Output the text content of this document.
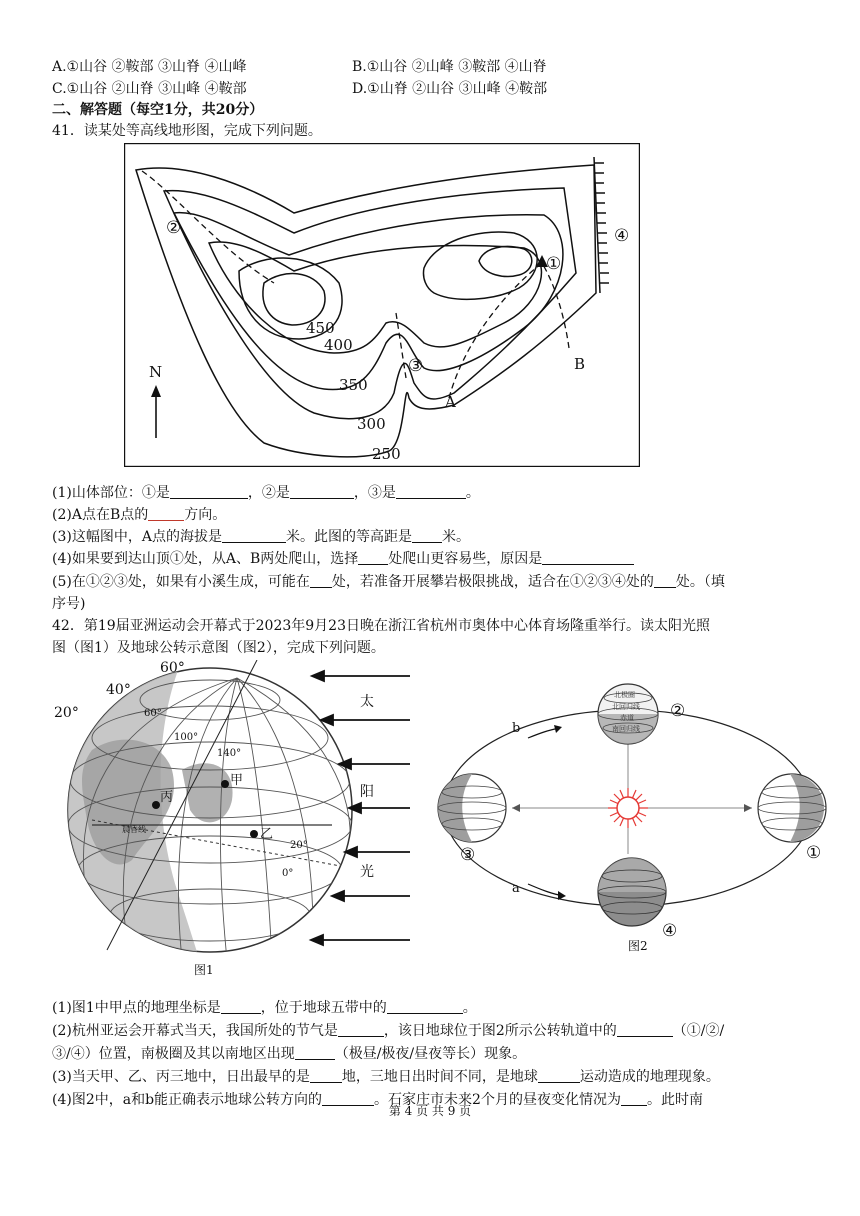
A.①山谷 ②鞍部 ③山脊 ④山峰	B.①山谷 ②山峰 ③鞍部 ④山脊
C.①山谷 ②山脊 ③山峰 ④鞍部	D.①山脊 ②山谷 ③山峰 ④鞍部
二、解答题（每空1分，共20分）
41．读某处等高线地形图，完成下列问题。
450
400
350
300
250
①
②
③
④
A
B
N
(1)山体部位：①是	，②是	，③是	。
(2)A点在B点的	方向。
(3)这幅图中，A点的海拔是	米。此图的等高距是 米。
(4)如果要到达山顶①处，从A、B两处爬山，选择 处爬山更容易些，原因是
(5)在①②③处，如果有小溪生成，可能在 处，若准备开展攀岩极限挑战，适合在①②③④处的 处。（填
序号)
42．第19届亚洲运动会开幕式于2023年9月23日晚在浙江省杭州市奥体中心体育场隆重举行。读太阳光照
图（图1）及地球公转示意图（图2），完成下列问题。
60°
40°
20°	60°
100°
140°
20°
0°
甲
乙
丙
晨昏线
图1
太
阳
光
北极圈
北回归线
赤道
南回归线
①
②
③
④
a
b
图2
(1)图1中甲点的地理坐标是	，位于地球五带中的	。
(2)杭州亚运会开幕式当天，我国所处的节气是	，该日地球位于图2所示公转轨道中的	（①/②/
③/④）位置，南极圈及其以南地区出现	（极昼/极夜/昼夜等长）现象。
(3)当天甲、乙、丙三地中，日出最早的是 地，三地日出时间不同，是地球	运动造成的地理现象。
(4)图2中，a和b能正确表示地球公转方向的	。石家庄市未来2个月的昼夜变化情况为 。此时南
第 4 页 共 9 页
